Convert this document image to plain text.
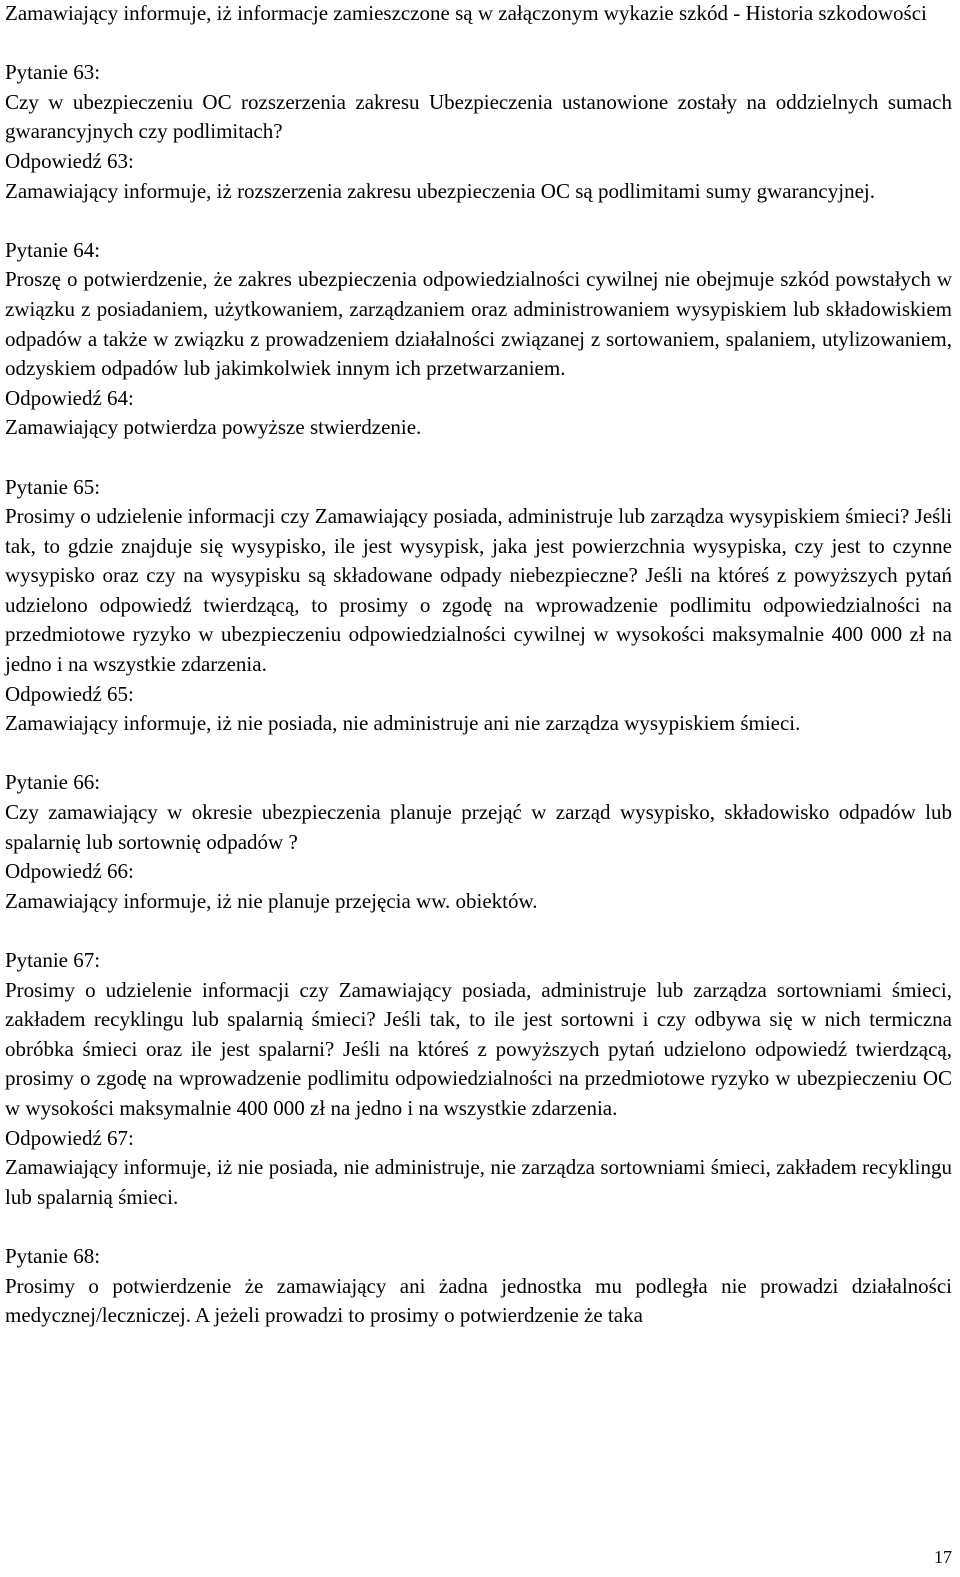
Zamawiający informuje, iż informacje zamieszczone są w załączonym wykazie szkód - Historia szkodowości

Pytanie 63:

Czy w ubezpieczeniu OC rozszerzenia zakresu Ubezpieczenia ustanowione zostały na oddzielnych sumach gwarancyjnych czy podlimitach?

Odpowiedź 63:

Zamawiający informuje, iż rozszerzenia zakresu ubezpieczenia OC są podlimitami sumy gwarancyjnej.

Pytanie 64:

Proszę o potwierdzenie, że zakres ubezpieczenia odpowiedzialności cywilnej nie obejmuje szkód powstałych w związku z posiadaniem, użytkowaniem, zarządzaniem oraz administrowaniem wysypiskiem lub składowiskiem odpadów a także w związku z prowadzeniem działalności związanej z sortowaniem, spalaniem, utylizowaniem, odzyskiem odpadów lub jakimkolwiek innym ich przetwarzaniem.

Odpowiedź 64:

Zamawiający potwierdza powyższe stwierdzenie.

Pytanie 65:

Prosimy o udzielenie informacji czy Zamawiający posiada, administruje lub zarządza wysypiskiem śmieci? Jeśli tak, to gdzie znajduje się wysypisko, ile jest wysypisk, jaka jest powierzchnia wysypiska, czy jest to czynne wysypisko oraz czy na wysypisku są składowane odpady niebezpieczne? Jeśli na któreś z powyższych pytań udzielono odpowiedź twierdzącą, to prosimy o zgodę na wprowadzenie podlimitu odpowiedzialności na przedmiotowe ryzyko w ubezpieczeniu odpowiedzialności cywilnej w wysokości maksymalnie 400 000 zł na jedno i na wszystkie zdarzenia.

Odpowiedź 65:

Zamawiający informuje, iż nie posiada, nie administruje ani nie zarządza wysypiskiem śmieci.

Pytanie 66:

Czy zamawiający w okresie ubezpieczenia planuje przejąć w zarząd wysypisko, składowisko odpadów lub spalarnię lub sortownię odpadów ?

Odpowiedź 66:

Zamawiający informuje, iż nie planuje przejęcia ww. obiektów.

Pytanie 67:

Prosimy o udzielenie informacji czy Zamawiający posiada, administruje lub zarządza sortowniami śmieci, zakładem recyklingu lub spalarnią śmieci? Jeśli tak, to ile jest sortowni i czy odbywa się w nich termiczna obróbka śmieci oraz ile jest spalarni? Jeśli na któreś z powyższych pytań udzielono odpowiedź twierdzącą, prosimy o zgodę na wprowadzenie podlimitu odpowiedzialności na przedmiotowe ryzyko w ubezpieczeniu OC w wysokości maksymalnie 400 000 zł na jedno i na wszystkie zdarzenia.

Odpowiedź 67:

Zamawiający informuje, iż nie posiada, nie administruje, nie zarządza sortowniami śmieci, zakładem recyklingu lub spalarnią śmieci.

Pytanie 68:

Prosimy o potwierdzenie że zamawiający ani żadna jednostka mu podległa nie prowadzi działalności medycznej/leczniczej. A jeżeli prowadzi to prosimy o potwierdzenie że taka

17
